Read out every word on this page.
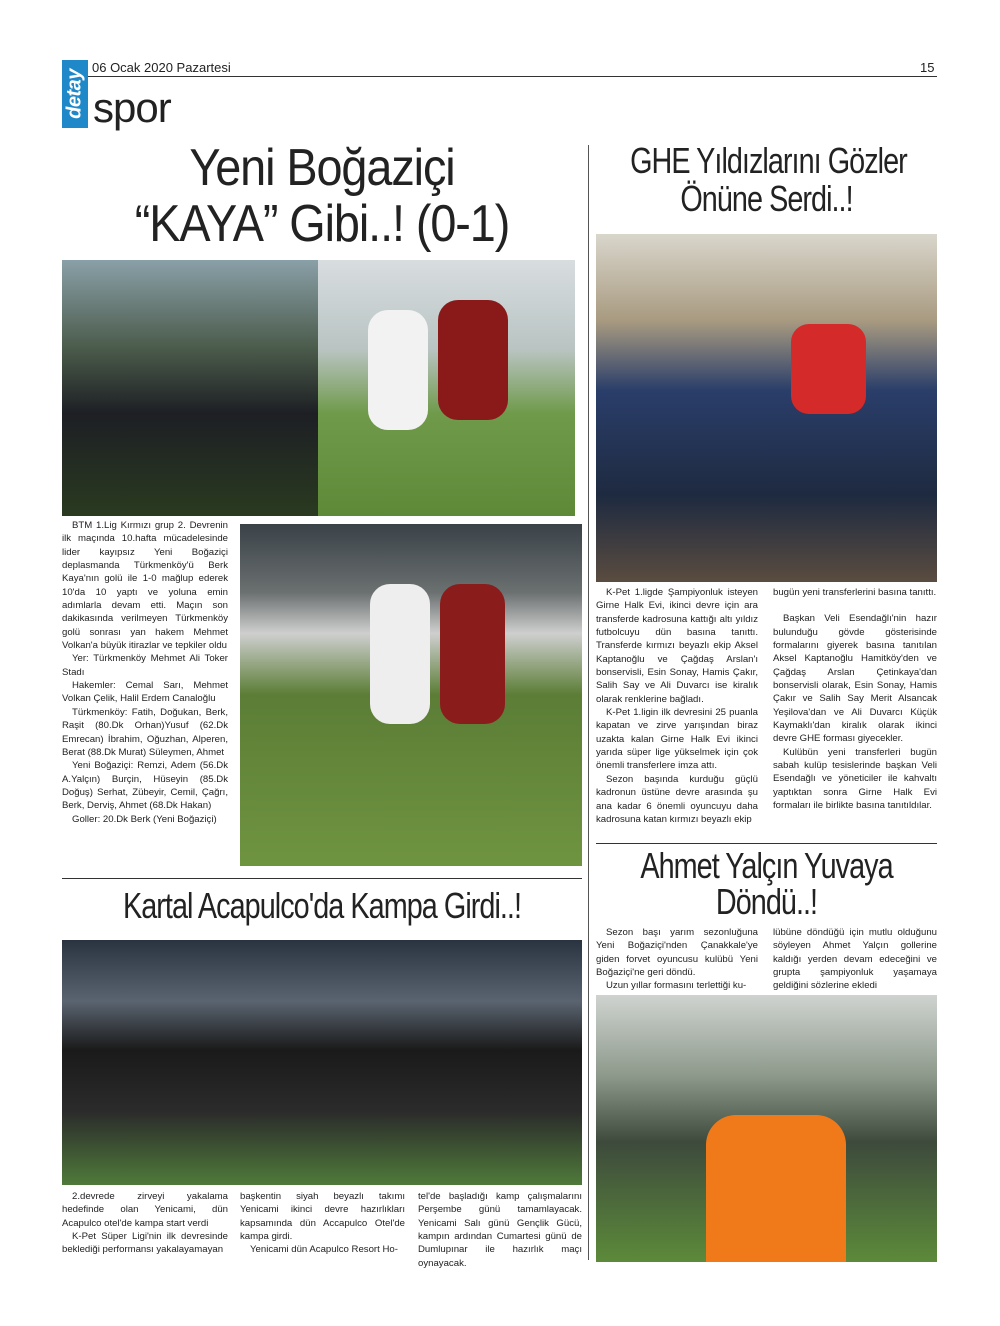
detay
06 Ocak 2020 Pazartesi	15
spor
Yeni Boğaziçi
“KAYA” Gibi..! (0-1)

BTM 1.Lig Kırmızı grup 2. Devrenin ilk maçında 10.hafta mücadelesinde lider kayıpsız Yeni Boğaziçi deplasmanda Türkmenköy'ü Berk Kaya'nın golü ile 1-0 mağlup ederek 10'da 10 yaptı ve yoluna emin adımlarla devam etti. Maçın son dakikasında verilmeyen Türkmenköy golü sonrası yan hakem Mehmet Volkan'a büyük itirazlar ve tepkiler oldu

Yer: Türkmenköy Mehmet Ali Toker Stadı

Hakemler: Cemal Sarı, Mehmet Volkan Çelik, Halil Erdem Canaloğlu

Türkmenköy: Fatih, Doğukan, Berk, Raşit (80.Dk Orhan)Yusuf (62.Dk Emrecan) İbrahim, Oğuzhan, Alperen, Berat (88.Dk Murat) Süleymen, Ahmet

Yeni Boğaziçi: Remzi, Adem (56.Dk A.Yalçın) Burçin, Hüseyin (85.Dk Doğuş) Serhat, Zübeyir, Cemil, Çağrı, Berk, Derviş, Ahmet (68.Dk Hakan)

Goller: 20.Dk Berk (Yeni Boğaziçi)

Kartal Acapulco'da Kampa Girdi..!

2.devrede zirveyi yakalama hedefinde olan Yenicami, dün Acapulco otel'de kampa start verdi

K-Pet Süper Ligi'nin ilk devresinde beklediği performansı yakalayamayan

başkentin siyah beyazlı takımı Yenicami ikinci devre hazırlıkları kapsamında dün Accapulco Otel'de kampa girdi.

Yenicami dün Acapulco Resort Ho-

tel'de başladığı kamp çalışmalarını Perşembe günü tamamlayacak. Yenicami Salı günü Gençlik Gücü, kampın ardından Cumartesi günü de Dumlupınar ile hazırlık maçı oynayacak.

GHE Yıldızlarını Gözler
Önüne Serdi..!

K-Pet 1.ligde Şampiyonluk isteyen Girne Halk Evi, ikinci devre için ara transferde kadrosuna kattığı altı yıldız futbolcuyu dün basına tanıttı. Transferde kırmızı beyazlı ekip Aksel Kaptanoğlu ve Çağdaş Arslan'ı bonservisli, Esin Sonay, Hamis Çakır, Salih Say ve Ali Duvarcı ise kiralık olarak renklerine bağladı.

K-Pet 1.ligin ilk devresini 25 puanla kapatan ve zirve yarışından biraz uzakta kalan Girne Halk Evi ikinci yarıda süper lige yükselmek için çok önemli transferlere imza attı.

Sezon başında kurduğu güçlü kadronun üstüne devre arasında şu ana kadar 6 önemli oyuncuyu daha kadrosuna katan kırmızı beyazlı ekip

bugün yeni transferlerini basına tanıttı.

Başkan Veli Esendağlı'nin hazır bulunduğu gövde gösterisinde formalarını giyerek basına tanıtılan Aksel Kaptanoğlu Hamitköy'den ve Çağdaş Arslan Çetinkaya'dan bonservisli olarak, Esin Sonay, Hamis Çakır ve Salih Say Merit Alsancak Yeşilova'dan ve Ali Duvarcı Küçük Kaymaklı'dan kiralık olarak ikinci devre GHE forması giyecekler.

Kulübün yeni transferleri bugün sabah kulüp tesislerinde başkan Veli Esendağlı ve yöneticiler ile kahvaltı yaptıktan sonra Girne Halk Evi formaları ile birlikte basına tanıtıldılar.

Ahmet Yalçın Yuvaya
Döndü..!

Sezon başı yarım sezonluğuna Yeni Boğaziçi'nden Çanakkale'ye giden forvet oyuncusu kulübü Yeni Boğaziçi'ne geri döndü.

Uzun yıllar formasını terlettiği ku-

lübüne döndüğü için mutlu olduğunu söyleyen Ahmet Yalçın gollerine kaldığı yerden devam edeceğini ve grupta şampiyonluk yaşamaya geldiğini sözlerine ekledi
